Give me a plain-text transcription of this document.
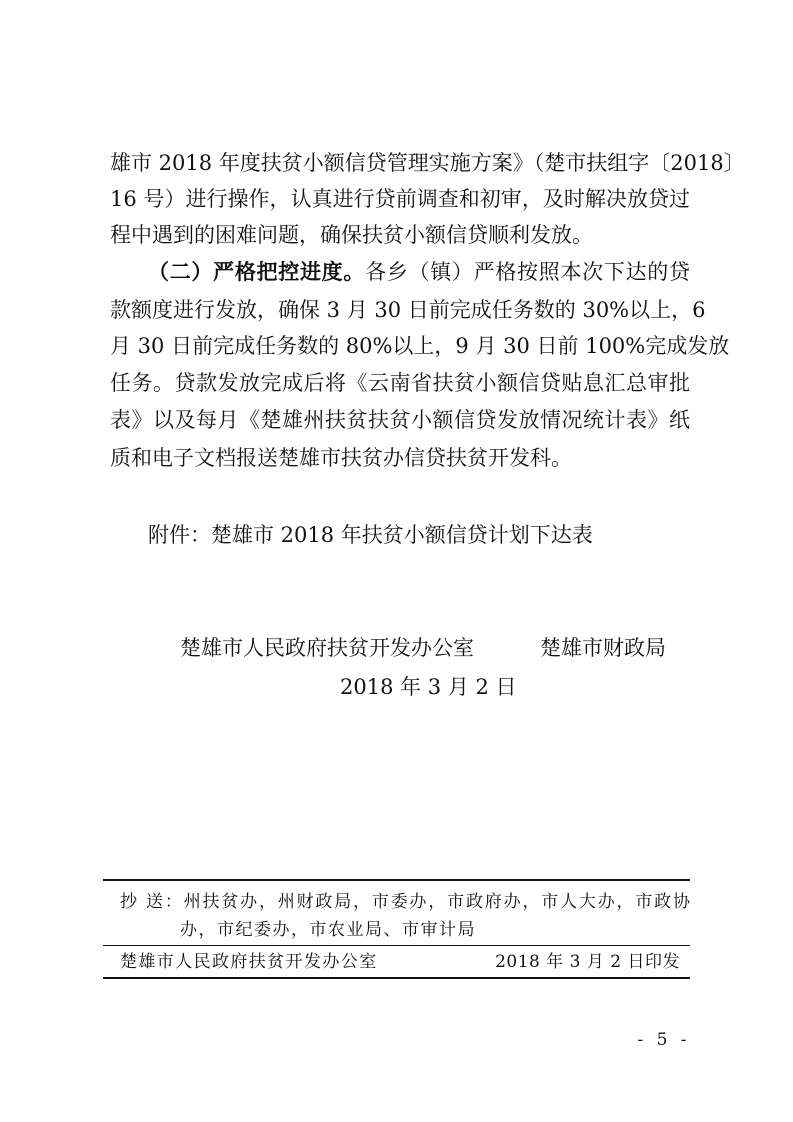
雄市 2018 年度扶贫小额信贷管理实施方案》（楚市扶组字〔2018〕
16 号）进行操作，认真进行贷前调查和初审，及时解决放贷过
程中遇到的困难问题，确保扶贫小额信贷顺利发放。
（二）严格把控进度。各乡（镇）严格按照本次下达的贷
款额度进行发放，确保 3 月 30 日前完成任务数的 30%以上，6
月 30 日前完成任务数的 80%以上，9 月 30 日前 100%完成发放
任务。贷款发放完成后将《云南省扶贫小额信贷贴息汇总审批
表》以及每月《楚雄州扶贫扶贫小额信贷发放情况统计表》纸
质和电子文档报送楚雄市扶贫办信贷扶贫开发科。
附件：楚雄市 2018 年扶贫小额信贷计划下达表
楚雄市人民政府扶贫开发办公室	楚雄市财政局
2018 年 3 月 2 日
抄 送：州扶贫办，州财政局，市委办，市政府办，市人大办，市政协
办，市纪委办，市农业局、市审计局
楚雄市人民政府扶贫开发办公室	2018 年 3 月 2 日印发
- 5 -
